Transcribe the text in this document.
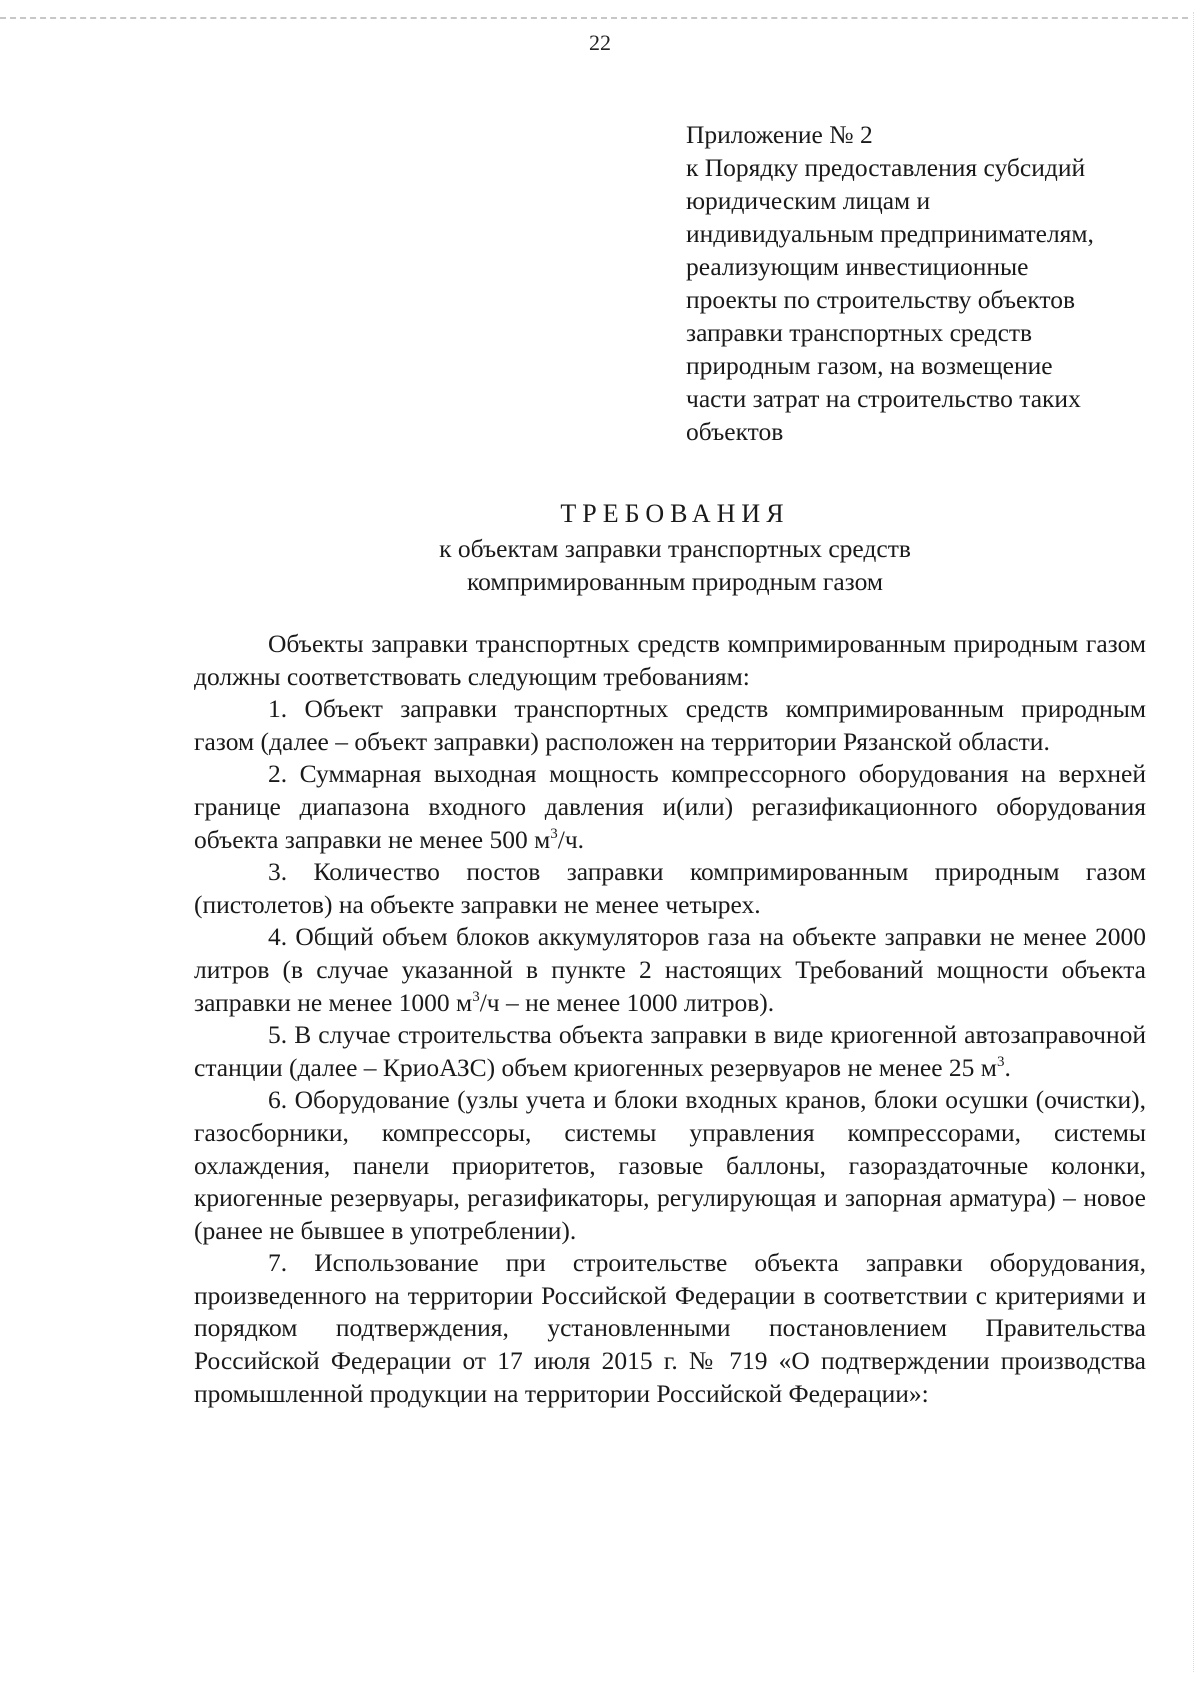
22
Приложение № 2
к Порядку предоставления субсидий
юридическим лицам и
индивидуальным предпринимателям,
реализующим инвестиционные
проекты по строительству объектов
заправки транспортных средств
природным газом, на возмещение
части затрат на строительство таких
объектов
ТРЕБОВАНИЯ
к объектам заправки транспортных средств
компримированным природным газом

Объекты заправки транспортных средств компримированным природным газом должны соответствовать следующим требованиям:

1. Объект заправки транспортных средств компримированным природным газом (далее – объект заправки) расположен на территории Рязанской области.

2. Суммарная выходная мощность компрессорного оборудования на верхней границе диапазона входного давления и(или) регазификационного оборудования объекта заправки не менее 500 $м^3/ч$.

3. Количество постов заправки компримированным природным газом (пистолетов) на объекте заправки не менее четырех.

4. Общий объем блоков аккумуляторов газа на объекте заправки не менее 2000 литров (в случае указанной в пункте 2 настоящих Требований мощности объекта заправки не менее 1000 $м^3/ч$ – не менее 1000 литров).

5. В случае строительства объекта заправки в виде криогенной автозаправочной станции (далее – КриоАЗС) объем криогенных резервуаров не менее 25 $м^3$.

6. Оборудование (узлы учета и блоки входных кранов, блоки осушки (очистки), газосборники, компрессоры, системы управления компрессорами, системы охлаждения, панели приоритетов, газовые баллоны, газораздаточные колонки, криогенные резервуары, регазификаторы, регулирующая и запорная арматура) – новое (ранее не бывшее в употреблении).

7. Использование при строительстве объекта заправки оборудования, произведенного на территории Российской Федерации в соответствии с критериями и порядком подтверждения, установленными постановлением Правительства Российской Федерации от 17 июля 2015 г. № 719 «О подтверждении производства промышленной продукции на территории Российской Федерации»:
